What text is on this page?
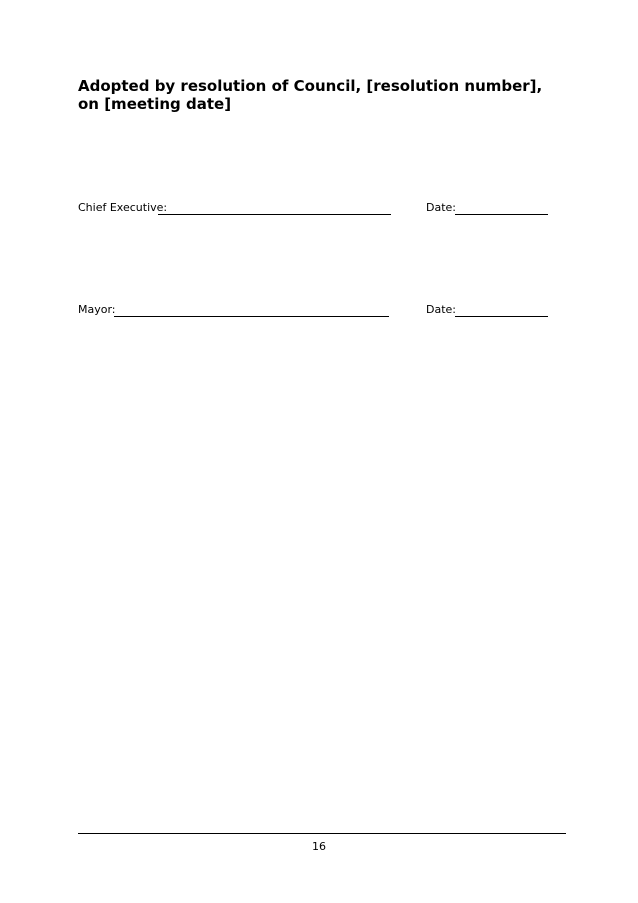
Adopted by resolution of Council, [resolution number], on [meeting date]
Chief Executive:	Date:
Mayor:	Date:
16
